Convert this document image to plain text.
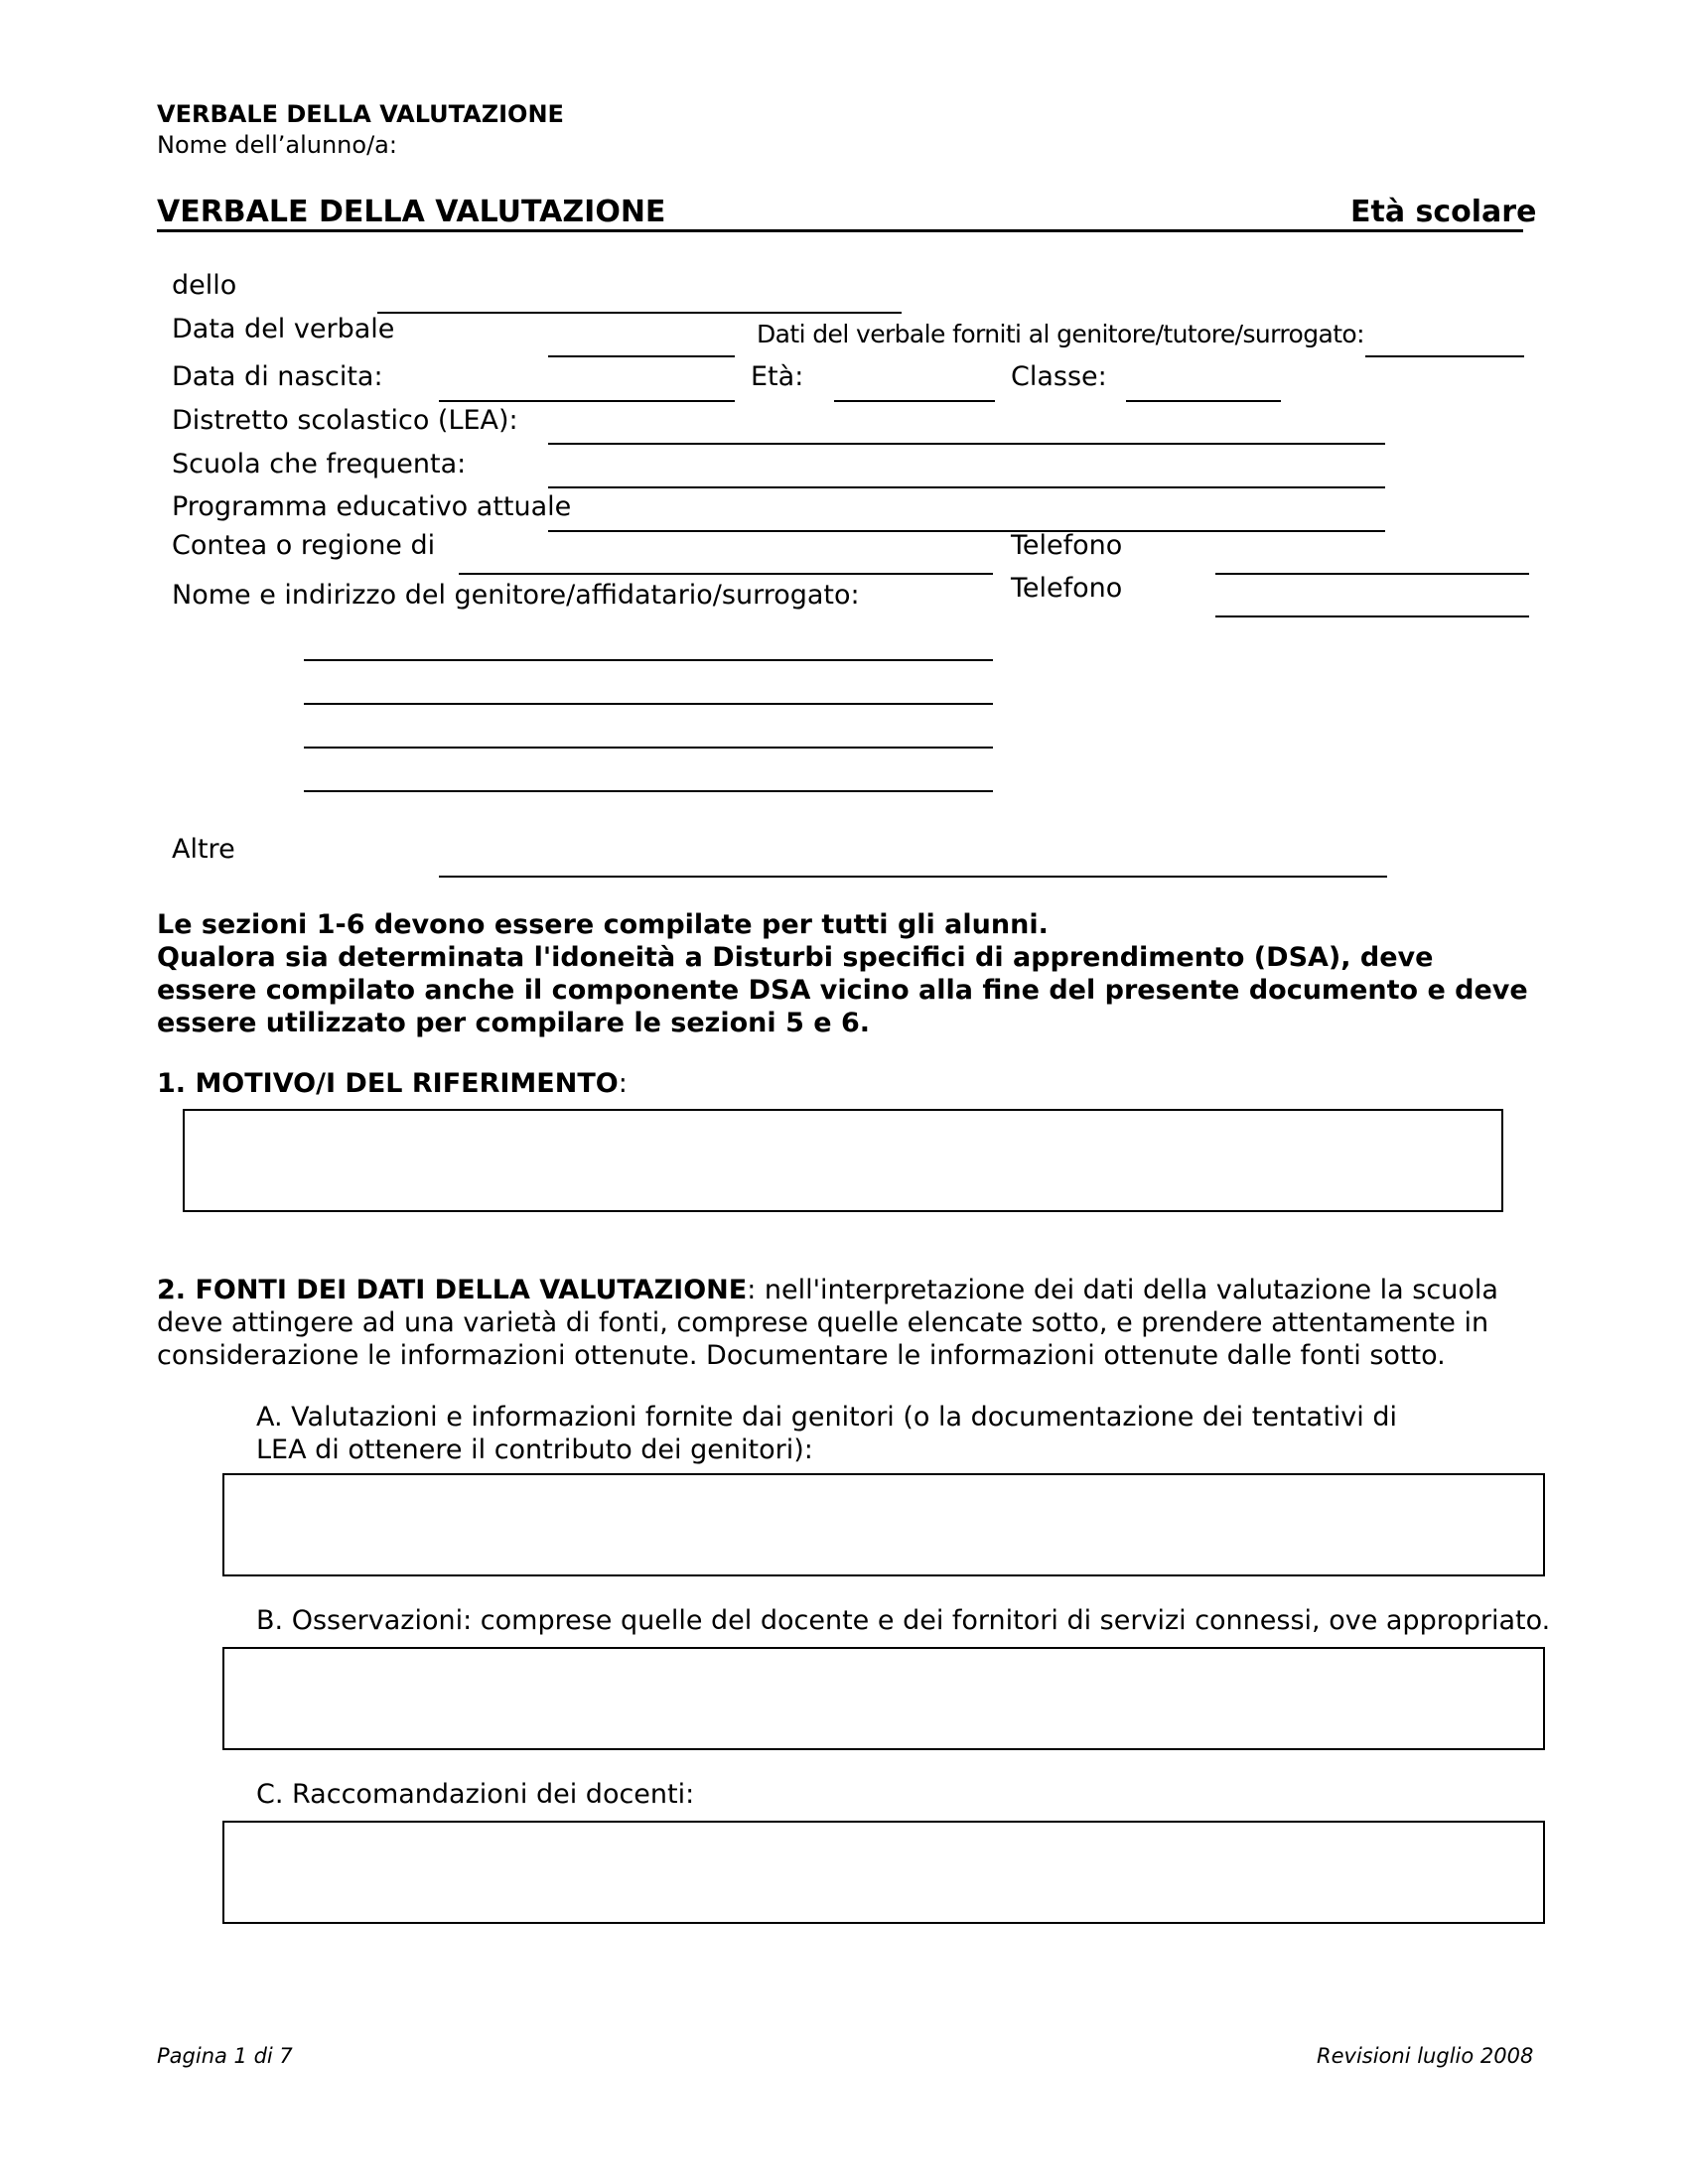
VERBALE DELLA VALUTAZIONE
Nome dell’alunno/a:
VERBALE DELLA VALUTAZIONE	Età scolare
dello
Data del verbale	Dati del verbale forniti al genitore/tutore/surrogato:
Data di nascita:	Età:	Classe:
Distretto scolastico (LEA):
Scuola che frequenta:
Programma educativo attuale
Contea o regione di	Telefono
Nome e indirizzo del genitore/affidatario/surrogato:	Telefono
Altre
Le sezioni 1-6 devono essere compilate per tutti gli alunni.
Qualora sia determinata l'idoneità a Disturbi specifici di apprendimento (DSA), deve essere compilato anche il componente DSA vicino alla fine del presente documento e deve essere utilizzato per compilare le sezioni 5 e 6.
1. MOTIVO/I DEL RIFERIMENTO:
2. FONTI DEI DATI DELLA VALUTAZIONE: nell'interpretazione dei dati della valutazione la scuola deve attingere ad una varietà di fonti, comprese quelle elencate sotto, e prendere attentamente in considerazione le informazioni ottenute. Documentare le informazioni ottenute dalle fonti sotto.
A. Valutazioni e informazioni fornite dai genitori (o la documentazione dei tentativi di LEA di ottenere il contributo dei genitori):
B. Osservazioni: comprese quelle del docente e dei fornitori di servizi connessi, ove appropriato.
C. Raccomandazioni dei docenti:
Pagina 1 di 7	Revisioni luglio 2008
